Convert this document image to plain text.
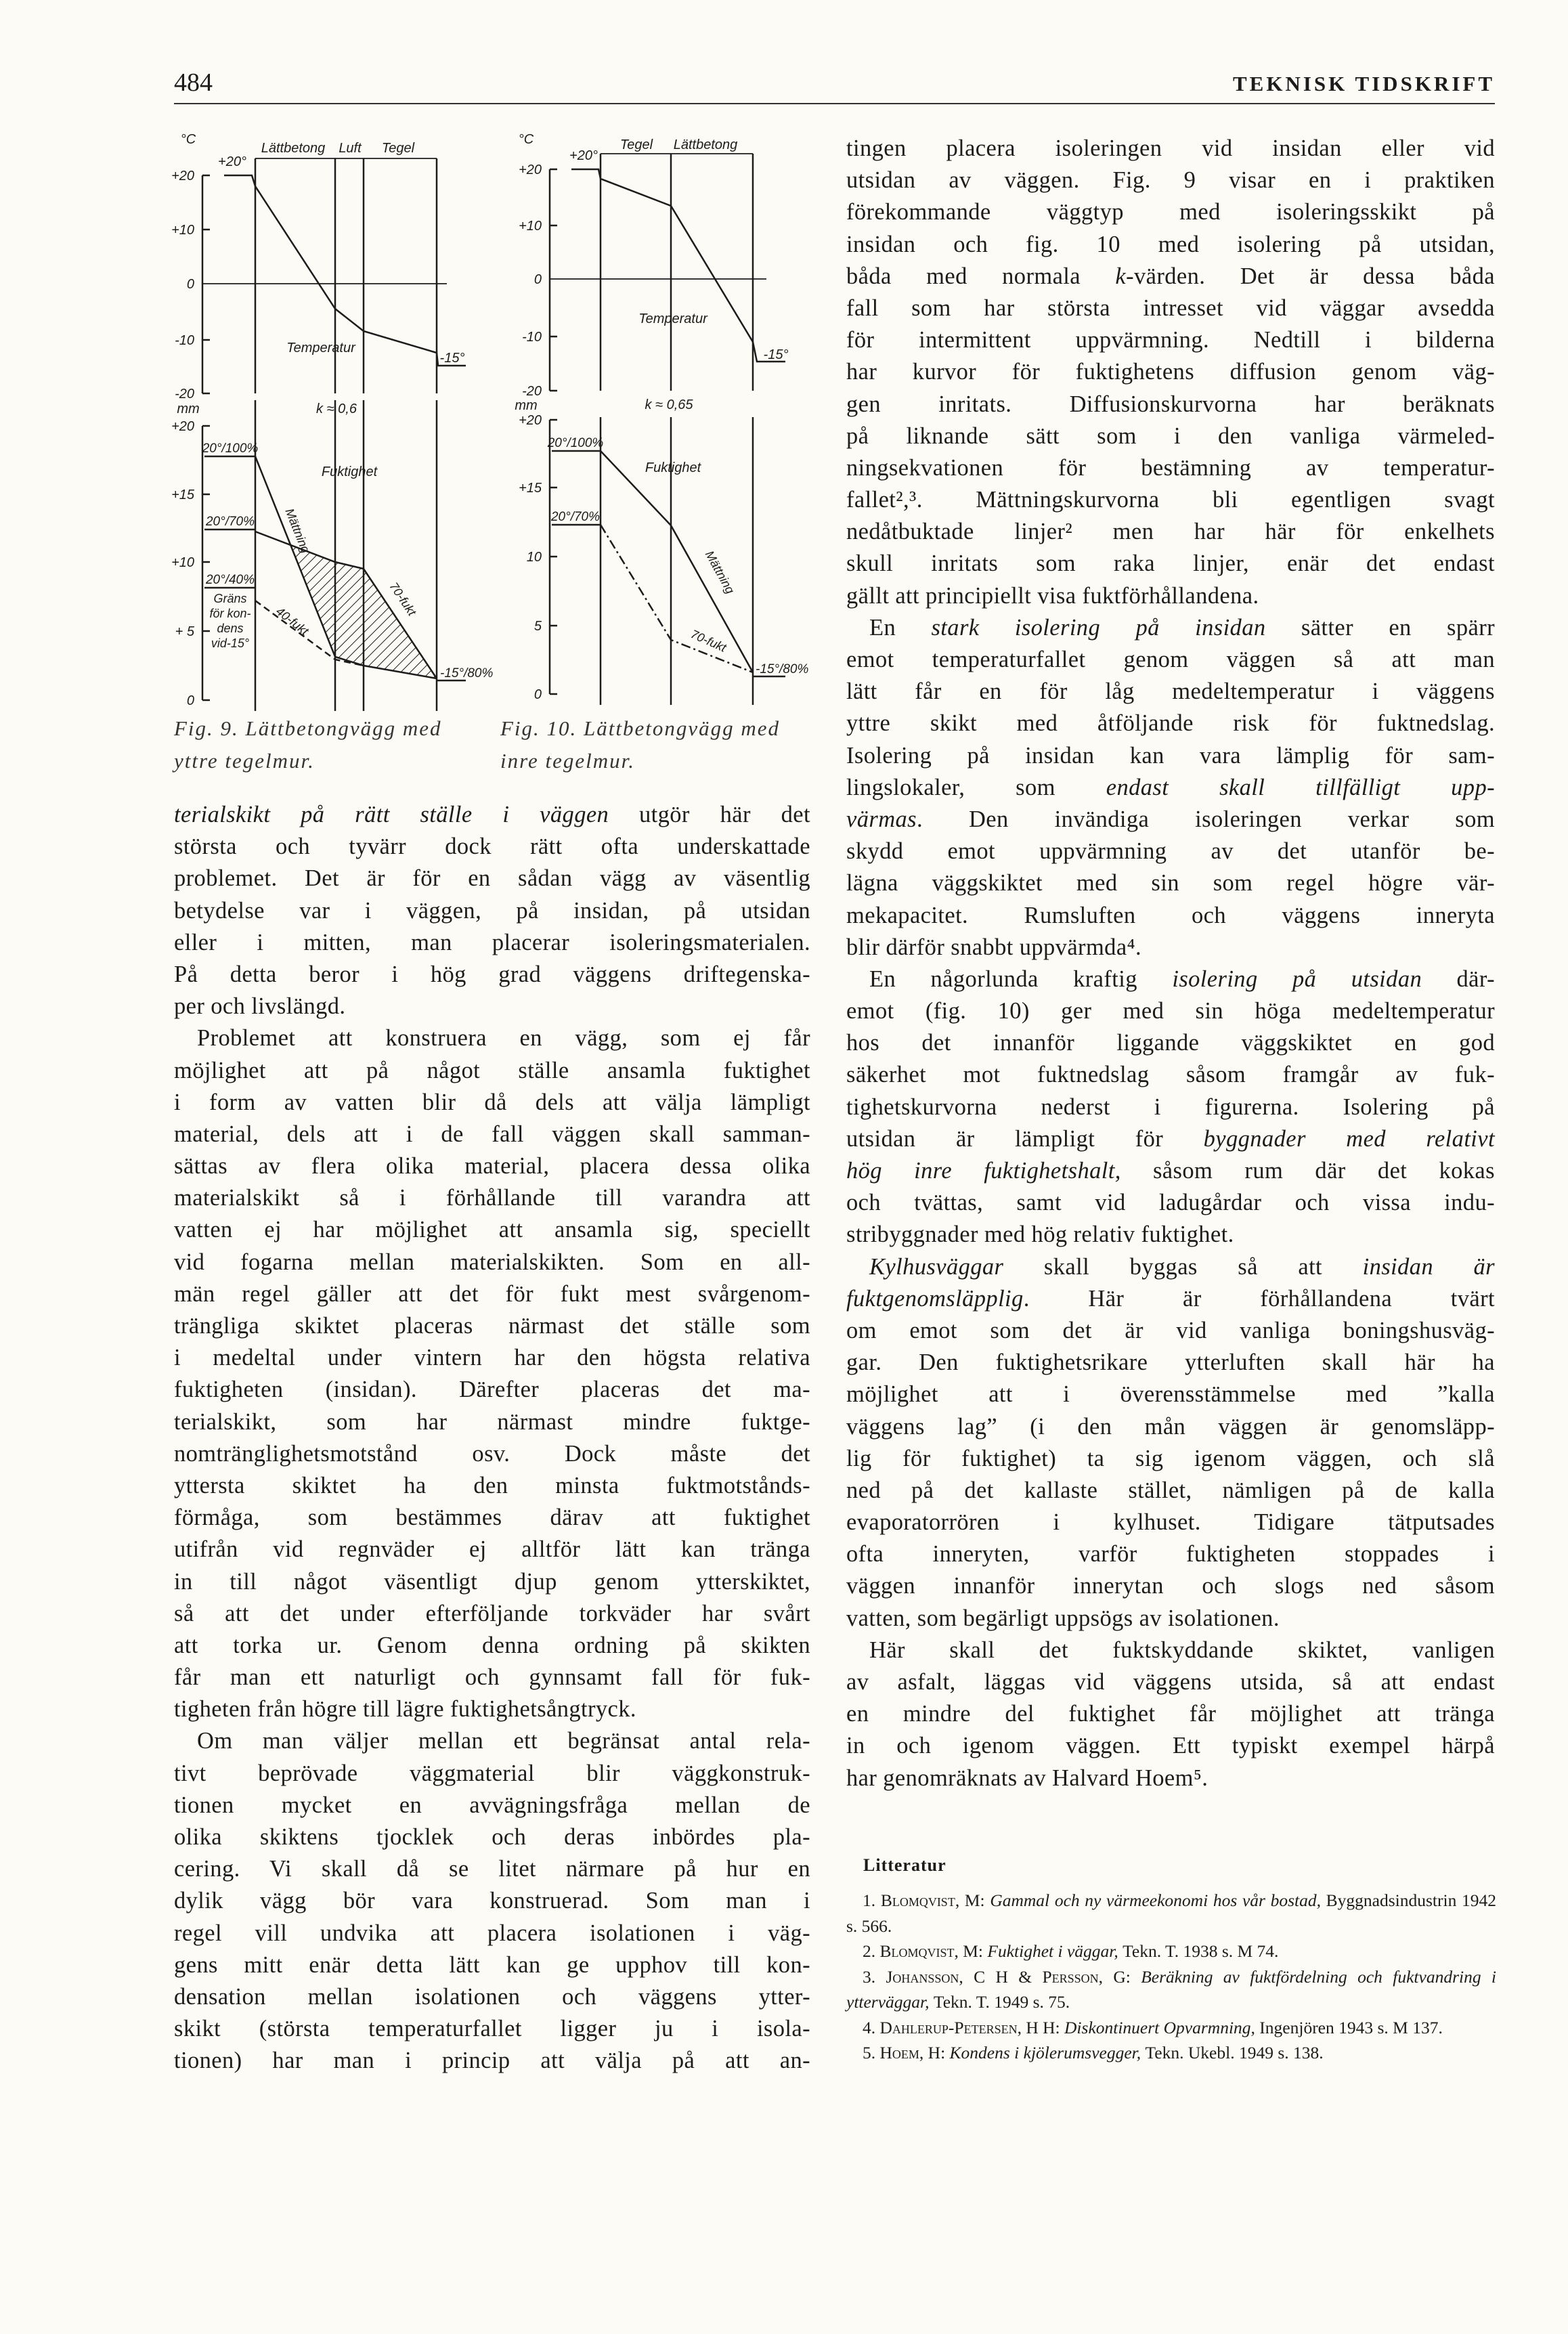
484	TEKNISK TIDSKRIFT
°C
+20°
Lättbetong Luft Tegel
+20
+10
0
-10
-20
Temperatur
-15°
mm	k ≈ 0,6
+20
+15
+10
+ 5
0
20°/100%
20°/70%
20°/40%
Gräns
för kon-
dens
vid-15°
Fuktighet
Mättning
70-fukt
40-fukt
-15°/80%
°C
+20°
Tegel Lättbetong
+20
+10
0
-10
-20
Temperatur
-15°
mm	k ≈ 0,65
+20
+15
10
5
0
20°/100%
20°/70%
Fuktighet
Mättning
70-fukt
-15°/80%
Fig. 9. Lättbetongvägg med
yttre tegelmur.
Fig. 10. Lättbetongvägg med
inre tegelmur.
terialskikt på rätt ställe i väggen utgör här det
största och tyvärr dock rätt ofta underskattade
problemet. Det är för en sådan vägg av väsentlig
betydelse var i väggen, på insidan, på utsidan
eller i mitten, man placerar isoleringsmaterialen.
På detta beror i hög grad väggens driftegenska-
per och livslängd.
Problemet att konstruera en vägg, som ej får
möjlighet att på något ställe ansamla fuktighet
i form av vatten blir då dels att välja lämpligt
material, dels att i de fall väggen skall samman-
sättas av flera olika material, placera dessa olika
materialskikt så i förhållande till varandra att
vatten ej har möjlighet att ansamla sig, speciellt
vid fogarna mellan materialskikten. Som en all-
män regel gäller att det för fukt mest svårgenom-
trängliga skiktet placeras närmast det ställe som
i medeltal under vintern har den högsta relativa
fuktigheten (insidan). Därefter placeras det ma-
terialskikt, som har närmast mindre fuktge-
nomtränglighetsmotstånd osv. Dock måste det
yttersta skiktet ha den minsta fuktmotstånds-
förmåga, som bestämmes därav att fuktighet
utifrån vid regnväder ej alltför lätt kan tränga
in till något väsentligt djup genom ytterskiktet,
så att det under efterföljande torkväder har svårt
att torka ur. Genom denna ordning på skikten
får man ett naturligt och gynnsamt fall för fuk-
tigheten från högre till lägre fuktighetsångtryck.
Om man väljer mellan ett begränsat antal rela-
tivt beprövade väggmaterial blir väggkonstruk-
tionen mycket en avvägningsfråga mellan de
olika skiktens tjocklek och deras inbördes pla-
cering. Vi skall då se litet närmare på hur en
dylik vägg bör vara konstruerad. Som man i
regel vill undvika att placera isolationen i väg-
gens mitt enär detta lätt kan ge upphov till kon-
densation mellan isolationen och väggens ytter-
skikt (största temperaturfallet ligger ju i isola-
tionen) har man i princip att välja på att an-
tingen placera isoleringen vid insidan eller vid
utsidan av väggen. Fig. 9 visar en i praktiken
förekommande väggtyp med isoleringsskikt på
insidan och fig. 10 med isolering på utsidan,
båda med normala k-värden. Det är dessa båda
fall som har största intresset vid väggar avsedda
för intermittent uppvärmning. Nedtill i bilderna
har kurvor för fuktighetens diffusion genom väg-
gen inritats. Diffusionskurvorna har beräknats
på liknande sätt som i den vanliga värmeled-
ningsekvationen för bestämning av temperatur-
fallet²,³. Mättningskurvorna bli egentligen svagt
nedåtbuktade linjer² men har här för enkelhets
skull inritats som raka linjer, enär det endast
gällt att principiellt visa fuktförhållandena.
En stark isolering på insidan sätter en spärr
emot temperaturfallet genom väggen så att man
lätt får en för låg medeltemperatur i väggens
yttre skikt med åtföljande risk för fuktnedslag.
Isolering på insidan kan vara lämplig för sam-
lingslokaler, som endast skall tillfälligt upp-
värmas. Den invändiga isoleringen verkar som
skydd emot uppvärmning av det utanför be-
lägna väggskiktet med sin som regel högre vär-
mekapacitet. Rumsluften och väggens inneryta
blir därför snabbt uppvärmda⁴.
En någorlunda kraftig isolering på utsidan där-
emot (fig. 10) ger med sin höga medeltemperatur
hos det innanför liggande väggskiktet en god
säkerhet mot fuktnedslag såsom framgår av fuk-
tighetskurvorna nederst i figurerna. Isolering på
utsidan är lämpligt för byggnader med relativt
hög inre fuktighetshalt, såsom rum där det kokas
och tvättas, samt vid ladugårdar och vissa indu-
stribyggnader med hög relativ fuktighet.
Kylhusväggar skall byggas så att insidan är
fuktgenomsläpplig. Här är förhållandena tvärt
om emot som det är vid vanliga boningshusväg-
gar. Den fuktighetsrikare ytterluften skall här ha
möjlighet att i överensstämmelse med ”kalla
väggens lag” (i den mån väggen är genomsläpp-
lig för fuktighet) ta sig igenom väggen, och slå
ned på det kallaste stället, nämligen på de kalla
evaporatorrören i kylhuset. Tidigare tätputsades
ofta inneryten, varför fuktigheten stoppades i
väggen innanför innerytan och slogs ned såsom
vatten, som begärligt uppsögs av isolationen.
Här skall det fuktskyddande skiktet, vanligen
av asfalt, läggas vid väggens utsida, så att endast
en mindre del fuktighet får möjlighet att tränga
in och igenom väggen. Ett typiskt exempel härpå
har genomräknats av Halvard Hoem⁵.
Litteratur
1. Blomqvist, M: Gammal och ny värmeekonomi hos vår bostad, Byggnadsindustrin 1942 s. 566.
2. Blomqvist, M: Fuktighet i väggar, Tekn. T. 1938 s. M 74.
3. Johansson, C H & Persson, G: Beräkning av fuktfördelning och fuktvandring i ytterväggar, Tekn. T. 1949 s. 75.
4. Dahlerup-Petersen, H H: Diskontinuert Opvarmning, Ingenjören 1943 s. M 137.
5. Hoem, H: Kondens i kjölerumsvegger, Tekn. Ukebl. 1949 s. 138.
